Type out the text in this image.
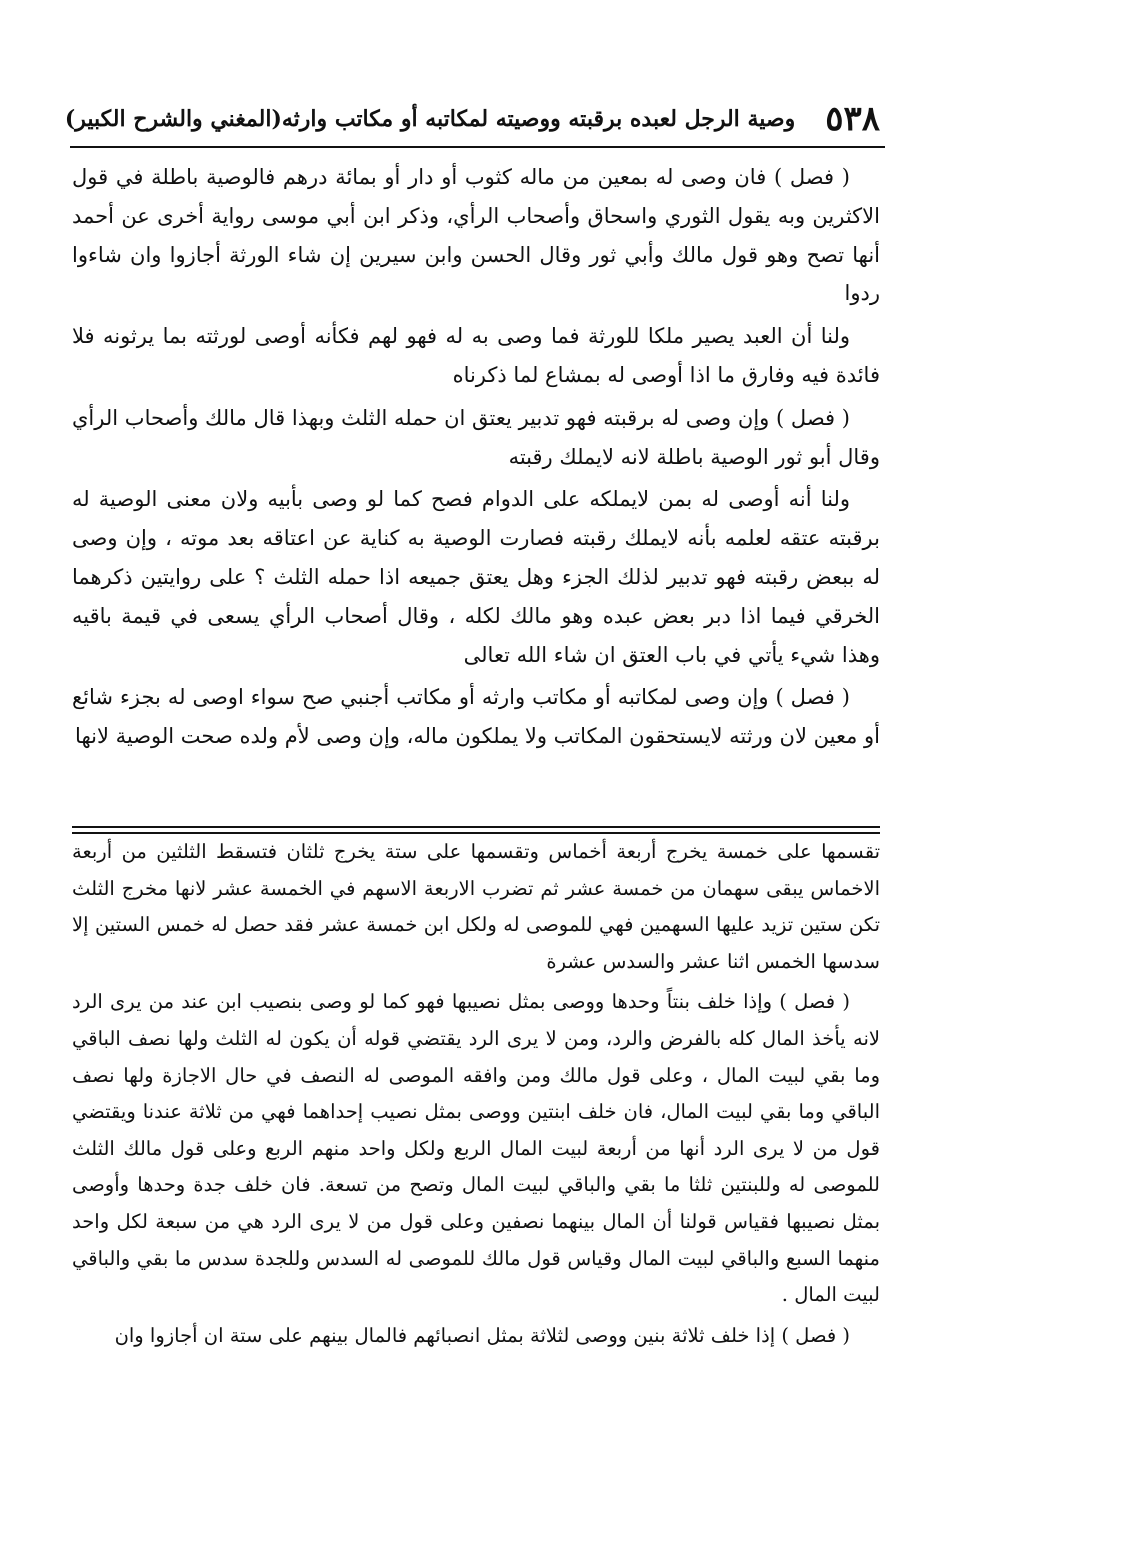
٥٣٨
وصية الرجل لعبده برقبته ووصيته لمكاتبه أو مكاتب وارثه
(المغني والشرح الكبير)

( فصل ) فان وصى له بمعين من ماله كثوب أو دار أو بمائة درهم فالوصية باطلة في قول الاكثرين وبه يقول الثوري واسحاق وأصحاب الرأي، وذكر ابن أبي موسى رواية أخرى عن أحمد أنها تصح وهو قول مالك وأبي ثور وقال الحسن وابن سيرين إن شاء الورثة أجازوا وان شاءوا ردوا

ولنا أن العبد يصير ملكا للورثة فما وصى به له فهو لهم فكأنه أوصى لورثته بما يرثونه فلا فائدة فيه وفارق ما اذا أوصى له بمشاع لما ذكرناه

( فصل ) وإن وصى له برقبته فهو تدبير يعتق ان حمله الثلث وبهذا قال مالك وأصحاب الرأي وقال أبو ثور الوصية باطلة لانه لايملك رقبته

ولنا أنه أوصى له بمن لايملكه على الدوام فصح كما لو وصى بأبيه ولان معنى الوصية له برقبته عتقه لعلمه بأنه لايملك رقبته فصارت الوصية به كناية عن اعتاقه بعد موته ، وإن وصى له ببعض رقبته فهو تدبير لذلك الجزء وهل يعتق جميعه اذا حمله الثلث ؟ على روايتين ذكرهما الخرقي فيما اذا دبر بعض عبده وهو مالك لكله ، وقال أصحاب الرأي يسعى في قيمة باقيه وهذا شيء يأتي في باب العتق ان شاء الله تعالى

( فصل ) وإن وصى لمكاتبه أو مكاتب وارثه أو مكاتب أجنبي صح سواء اوصى له بجزء شائع أو معين لان ورثته لايستحقون المكاتب ولا يملكون ماله، وإن وصى لأم ولده صحت الوصية لانها

تقسمها على خمسة يخرج أربعة أخماس وتقسمها على ستة يخرج ثلثان فتسقط الثلثين من أربعة الاخماس يبقى سهمان من خمسة عشر ثم تضرب الاربعة الاسهم في الخمسة عشر لانها مخرج الثلث تكن ستين تزيد عليها السهمين فهي للموصى له ولكل ابن خمسة عشر فقد حصل له خمس الستين إلا سدسها الخمس اثنا عشر والسدس عشرة

( فصل ) وإذا خلف بنتاً وحدها ووصى بمثل نصيبها فهو كما لو وصى بنصيب ابن عند من يرى الرد لانه يأخذ المال كله بالفرض والرد، ومن لا يرى الرد يقتضي قوله أن يكون له الثلث ولها نصف الباقي وما بقي لبيت المال ، وعلى قول مالك ومن وافقه الموصى له النصف في حال الاجازة ولها نصف الباقي وما بقي لبيت المال، فان خلف ابنتين ووصى بمثل نصيب إحداهما فهي من ثلاثة عندنا ويقتضي قول من لا يرى الرد أنها من أربعة لبيت المال الربع ولكل واحد منهم الربع وعلى قول مالك الثلث للموصى له وللبنتين ثلثا ما بقي والباقي لبيت المال وتصح من تسعة. فان خلف جدة وحدها وأوصى بمثل نصيبها فقياس قولنا أن المال بينهما نصفين وعلى قول من لا يرى الرد هي من سبعة لكل واحد منهما السبع والباقي لبيت المال وقياس قول مالك للموصى له السدس وللجدة سدس ما بقي والباقي لبيت المال .

( فصل ) إذا خلف ثلاثة بنين ووصى لثلاثة بمثل انصبائهم فالمال بينهم على ستة ان أجازوا وان
